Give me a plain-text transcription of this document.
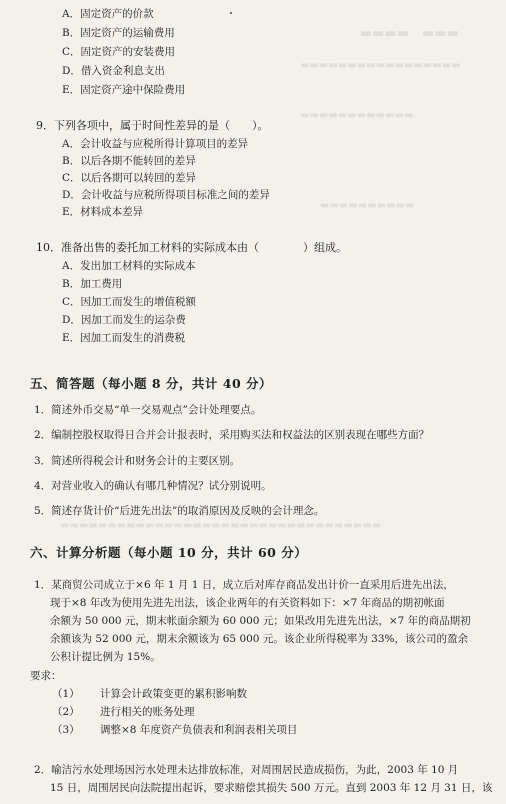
▬▬▬▬　▬▬▬
▬▬▬▬▬▬▬▬▬▬▬▬▬▬▬▬▬
▬▬▬▬▬▬▬▬▬▬▬▬
▬▬▬▬▬▬▬▬▬▬
▬▬▬▬▬▬▬▬▬▬▬▬▬▬▬▬▬▬▬▬▬▬▬▬▬▬▬▬▬▬▬▬▬▬
A．固定资产的价款
B．固定资产的运输费用
C．固定资产的安装费用
D．借入资金利息支出
E．固定资产途中保险费用
9．下列各项中，属于时间性差异的是（　　）。
A．会计收益与应税所得计算项目的差异
B．以后各期不能转回的差异
C．以后各期可以转回的差异
D．会计收益与应税所得项目标准之间的差异
E．材料成本差异
10．准备出售的委托加工材料的实际成本由（　　　　）组成。
A．发出加工材料的实际成本
B．加工费用
C．因加工而发生的增值税额
D．因加工而发生的运杂费
E．因加工而发生的消费税
五、简答题（每小题 8 分，共计 40 分）
1．简述外币交易“单一交易观点”会计处理要点。
2．编制控股权取得日合并会计报表时，采用购买法和权益法的区别表现在哪些方面？
3．简述所得税会计和财务会计的主要区别。
4．对营业收入的确认有哪几种情况？试分别说明。
5．简述存货计价“后进先出法”的取消原因及反映的会计理念。
六、计算分析题（每小题 10 分，共计 60 分）
1．某商贸公司成立于×6 年 1 月 1 日，成立后对库存商品发出计价一直采用后进先出法，
现于×8 年改为使用先进先出法，该企业两年的有关资料如下：×7 年商品的期初帐面
余额为 50 000 元，期末帐面余额为 60 000 元；如果改用先进先出法，×7 年的商品期初
余额该为 52 000 元，期末余额该为 65 000 元。该企业所得税率为 33%，该公司的盈余
公积计提比例为 15%。
要求：
（1） 计算会计政策变更的累积影响数
（2） 进行相关的账务处理
（3） 调整×8 年度资产负债表和利润表相关项目
2．喻洁污水处理场因污水处理未达排放标准，对周围居民造成损伤，为此，2003 年 10 月
15 日，周围居民向法院提出起诉，要求赔偿其损失 500 万元。直到 2003 年 12 月 31 日，该
